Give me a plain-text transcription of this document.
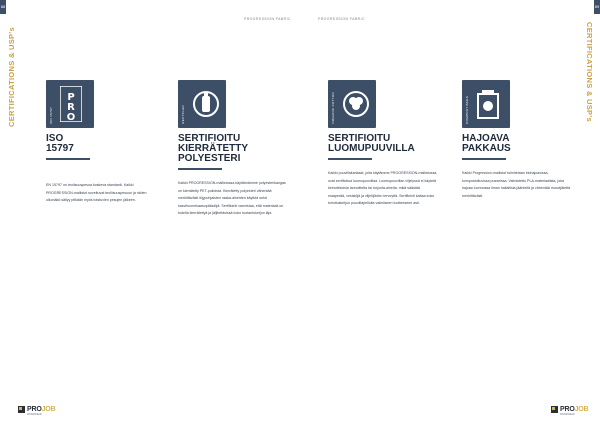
88	89
CERTIFICATIONS & USP's	CERTIFICATIONS & USP's
PROGRESSION FABRIC	PROGRESSION FABRIC
ISO 15797
P
R
O
ISO
15797
EN 15797 on teolisuuspesua koskeva standardi. Kaikki PROGRESSION-mallistot soveltuvat teollisuuspesuun ja niiden ulkonäkö säilyy pitkään myös toistuvien pesujen jälkeen.
RECYCLED
SERTIFIOITU
KIERRÄTETTY
POLYESTERI
Kaikki PROGRESSION-mallistossa käyttämämme polyesterikangas on kierrätetty PET-pulloista. Kierrätetty polyesteri vähentää merkittävästi öljypohjaisten raaka-aineiden käyttöä sekä kasvihuonekaasupäästöjä. Sertifiointi varmistaa, että materiaali on todella kierrätettyä ja jäljitettävissä koko tuotantoketjun läpi.
ORGANIC COTTON
SERTIFIOITU
LUOMUPUUVILLA
Kaikki puuvillakankaat, joita käytämme PROGRESSION-mallistossa, ovat sertifioitua luomupuuvillaa. Luomupuuvillan viljelyssä ei käytetä keinotekoisia lannoitteita tai torjunta-aineita, mikä säästää maaperää, vesistöjä ja viljelijöiden terveyttä. Sertifiointi kattaa koko toimitusketjun puuvillapellolta valmiiseen tuotteeseen asti.
COMPOST BAGS
HAJOAVA
PAKKAUS
Kaikki Progression-mallistot toimitetaan biohajoavissa, kompostoituvissa pusseissa. Valmistettu PLA-materiaalista, joka hajoaa luonnossa ilman haitallisia jäänteitä ja vähentää muovijätettä merkittävästi.
PROJOB
WORKWEAR
PROJOB
WORKWEAR
